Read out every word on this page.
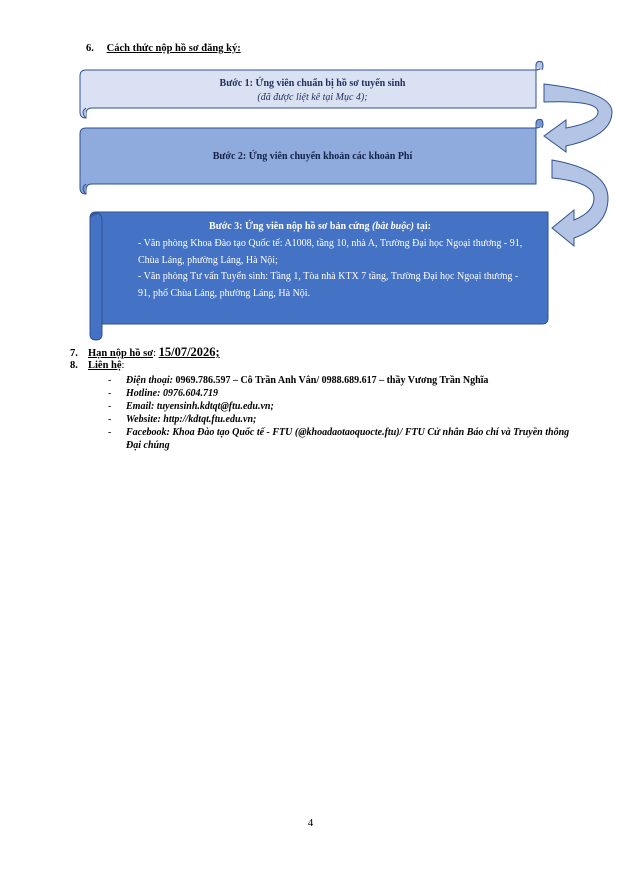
6. Cách thức nộp hồ sơ đăng ký:
Bước 1: Ứng viên chuẩn bị hồ sơ tuyển sinh
(đã được liệt kê tại Mục 4);
Bước 2: Ứng viên chuyển khoản các khoản Phí
Bước 3: Ứng viên nộp hồ sơ bản cứng (bắt buộc) tại:

- Văn phòng Khoa Đào tạo Quốc tế: A1008, tầng 10, nhà A, Trường Đại học Ngoại thương - 91, Chùa Láng, phường Láng, Hà Nội;

- Văn phòng Tư vấn Tuyển sinh: Tầng 1, Tòa nhà KTX 7 tầng, Trường Đại học Ngoại thương - 91, phố Chùa Láng, phường Láng, Hà Nội.

7. Hạn nộp hồ sơ: 15/07/2026;
8. Liên hệ:
- Điện thoại: 0969.786.597 – Cô Trần Anh Vân/ 0988.689.617 – thầy Vương Trần Nghĩa
- Hotline: 0976.604.719
- Email: tuyensinh.kdtqt@ftu.edu.vn;
- Website: http://kdtqt.ftu.edu.vn;
- Facebook: Khoa Đào tạo Quốc tế - FTU (@khoadaotaoquocte.ftu)/ FTU Cử nhân Báo chí và Truyền thông Đại chúng
4
